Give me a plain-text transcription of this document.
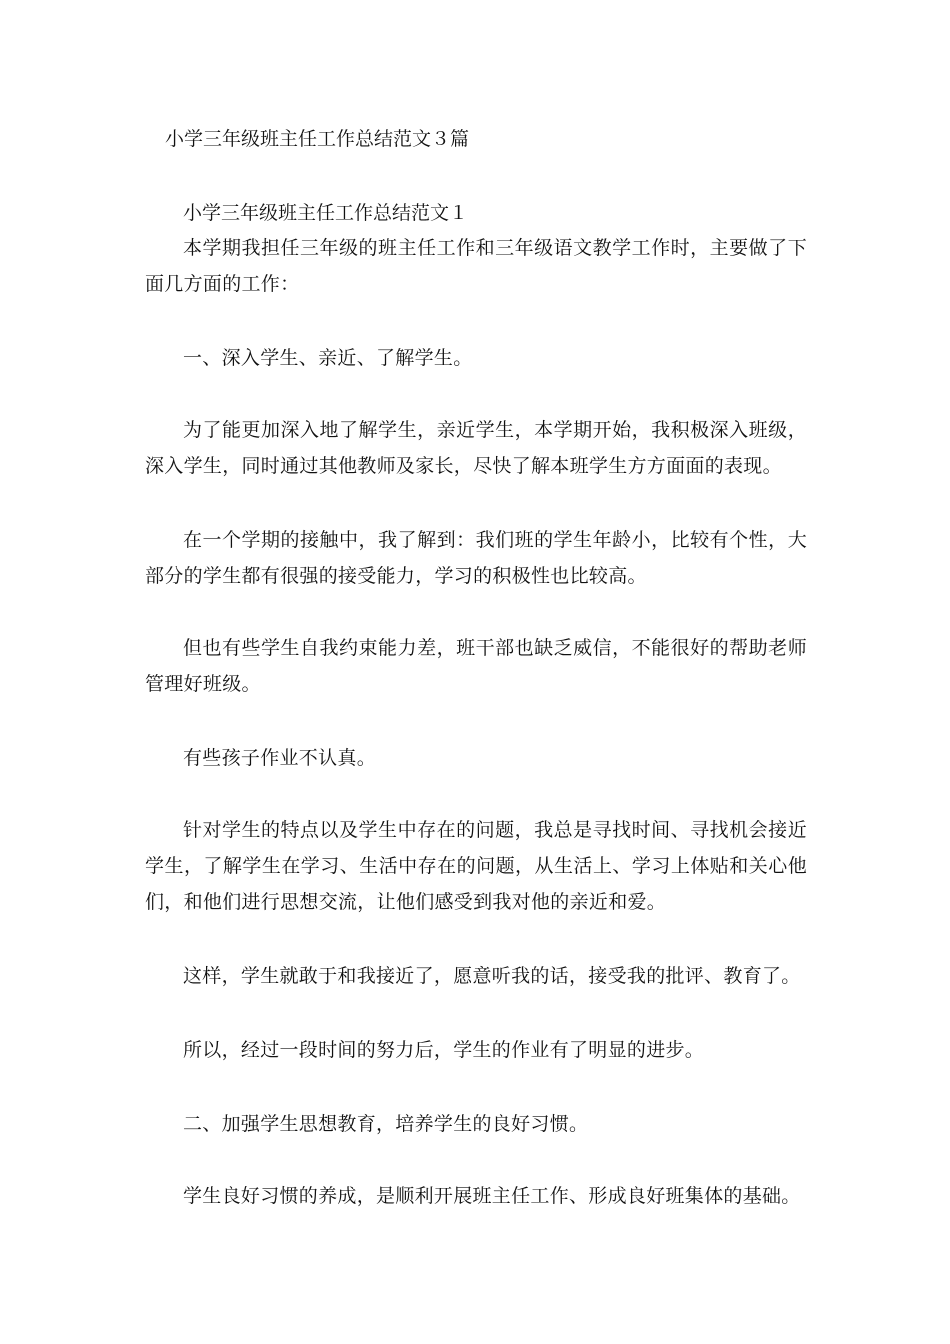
小学三年级班主任工作总结范文３篇
小学三年级班主任工作总结范文１

本学期我担任三年级的班主任工作和三年级语文教学工作时，主要做了下面几方面的工作：

一、深入学生、亲近、了解学生。

为了能更加深入地了解学生，亲近学生，本学期开始，我积极深入班级，深入学生，同时通过其他教师及家长，尽快了解本班学生方方面面的表现。

在一个学期的接触中，我了解到：我们班的学生年龄小，比较有个性，大部分的学生都有很强的接受能力，学习的积极性也比较高。

但也有些学生自我约束能力差，班干部也缺乏威信，不能很好的帮助老师管理好班级。

有些孩子作业不认真。

针对学生的特点以及学生中存在的问题，我总是寻找时间、寻找机会接近学生，了解学生在学习、生活中存在的问题，从生活上、学习上体贴和关心他们，和他们进行思想交流，让他们感受到我对他的亲近和爱。

这样，学生就敢于和我接近了，愿意听我的话，接受我的批评、教育了。

所以，经过一段时间的努力后，学生的作业有了明显的进步。

二、加强学生思想教育，培养学生的良好习惯。

学生良好习惯的养成，是顺利开展班主任工作、形成良好班集体的基础。
